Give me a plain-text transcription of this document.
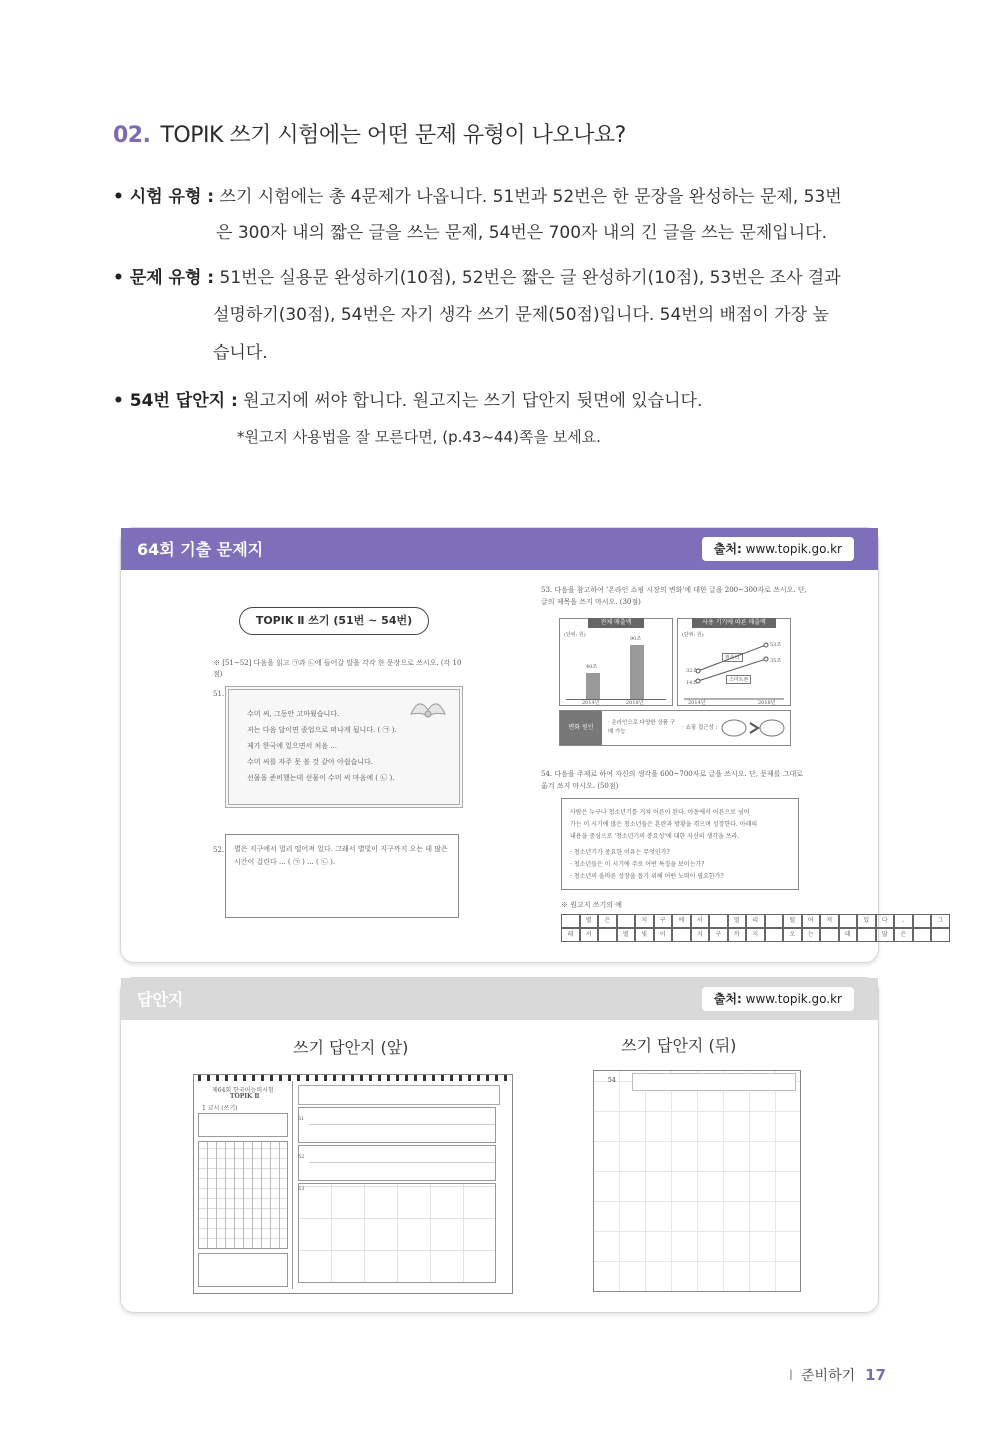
02. TOPIK 쓰기 시험에는 어떤 문제 유형이 나오나요?
• 시험 유형 : 쓰기 시험에는 총 4문제가 나옵니다. 51번과 52번은 한 문장을 완성하는 문제, 53번
은 300자 내의 짧은 글을 쓰는 문제, 54번은 700자 내의 긴 글을 쓰는 문제입니다.
• 문제 유형 : 51번은 실용문 완성하기(10점), 52번은 짧은 글 완성하기(10점), 53번은 조사 결과
설명하기(30점), 54번은 자기 생각 쓰기 문제(50점)입니다. 54번의 배점이 가장 높
습니다.
• 54번 답안지 : 원고지에 써야 합니다. 원고지는 쓰기 답안지 뒷면에 있습니다.
*원고지 사용법을 잘 모른다면, (p.43~44)쪽을 보세요.
64회 기출 문제지	출처: www.topik.go.kr
TOPIK Ⅱ 쓰기 (51번 ~ 54번)
※ [51~52] 다음을 읽고 ㉠과 ㉡에 들어갈 말을 각각 한 문장으로 쓰시오. (각 10점)
51.
수미 씨, 그동안 고마웠습니다.
저는 다음 달이면 졸업으로 떠나게 됩니다. ( ㉠ ).
제가 한국에 있으면서 처음 ...
수미 씨를 자주 못 볼 것 같아 아쉽습니다.
선물을 준비했는데 선물이 수미 씨 마음에 ( ㉡ ).
52. 별은 지구에서 멀리 떨어져 있다. 그래서 별빛이 지구까지 오는 데 많은 시간이 걸린다 ... ( ㉠ ) ... ( ㉡ ).
53. 다음을 참고하여 '온라인 쇼핑 시장의 변화'에 대한 글을 200~300자로 쓰시오. 단, 글의 제목을 쓰지 마시오. (30점)
전체 매출액
(단위: 원)
40조
90조
2014년	2018년
사용 기기에 따른 매출액
(단위: 원)
컴퓨터
스마트폰
53조
35조
32조
14조
2014년	2018년
변화 원인
· 온라인으로 다양한 상품 구매 가능
· 쇼핑 접근성 :
54. 다음을 주제로 하여 자신의 생각을 600~700자로 글을 쓰시오. 단, 문제를 그대로 옮겨 쓰지 마시오. (50점)
사람은 누구나 청소년기를 거쳐 어른이 된다. 아동에서 어른으로 넘어
가는 이 시기에 많은 청소년들은 혼란과 방황을 겪으며 성장한다. 아래의
내용을 중심으로 '청소년기의 중요성'에 대한 자신의 생각을 쓰라.
· 청소년기가 중요한 이유는 무엇인가?
· 청소년들은 이 시기에 주로 어떤 특징을 보이는가?
· 청소년의 올바른 성장을 돕기 위해 어떤 노력이 필요한가?
※ 원고지 쓰기의 예
별	은	지	구	에	서	멀	리	떨	어	져	있	다	.	그
래	서	별	빛	이	지	구	까	지	오	는	데	많	은
답안지	출처: www.topik.go.kr
쓰기 답안지 (앞)	쓰기 답안지 (뒤)
제64회 한국어능력시험
TOPIK Ⅱ
1 교시 (쓰기)
51
52
53
54
I 준비하기 17
